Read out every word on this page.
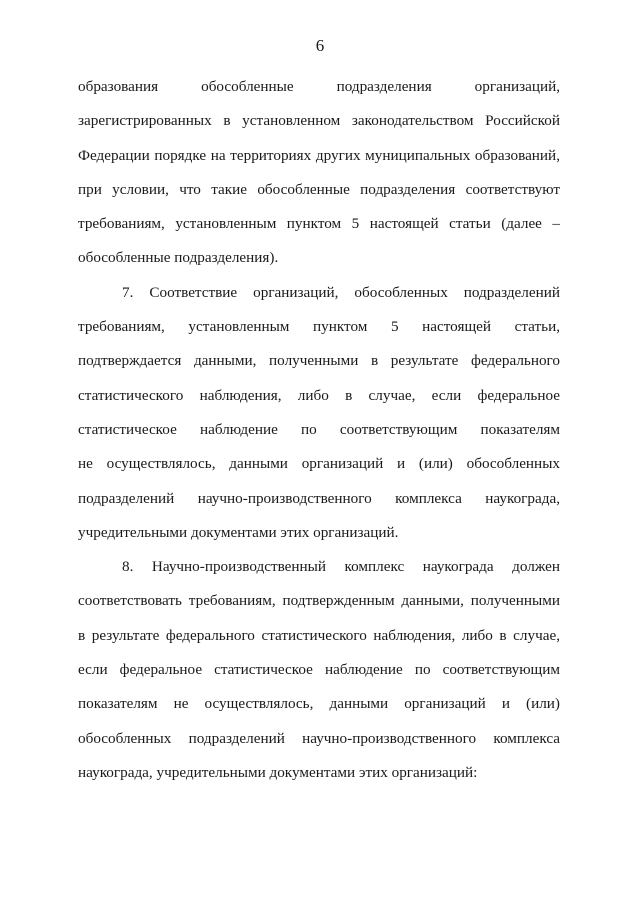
6
образования обособленные подразделения организаций,
зарегистрированных в установленном законодательством Российской
Федерации порядке на территориях других муниципальных образований,
при условии, что такие обособленные подразделения соответствуют
требованиям, установленным пунктом 5 настоящей статьи (далее –
обособленные подразделения).
7. Соответствие организаций, обособленных подразделений
требованиям, установленным пунктом 5 настоящей статьи,
подтверждается данными, полученными в результате федерального
статистического наблюдения, либо в случае, если федеральное
статистическое наблюдение по соответствующим показателям
не осуществлялось, данными организаций и (или) обособленных
подразделений научно-производственного комплекса наукограда,
учредительными документами этих организаций.
8. Научно-производственный комплекс наукограда должен
соответствовать требованиям, подтвержденным данными, полученными
в результате федерального статистического наблюдения, либо в случае,
если федеральное статистическое наблюдение по соответствующим
показателям не осуществлялось, данными организаций и (или)
обособленных подразделений научно-производственного комплекса
наукограда, учредительными документами этих организаций:
